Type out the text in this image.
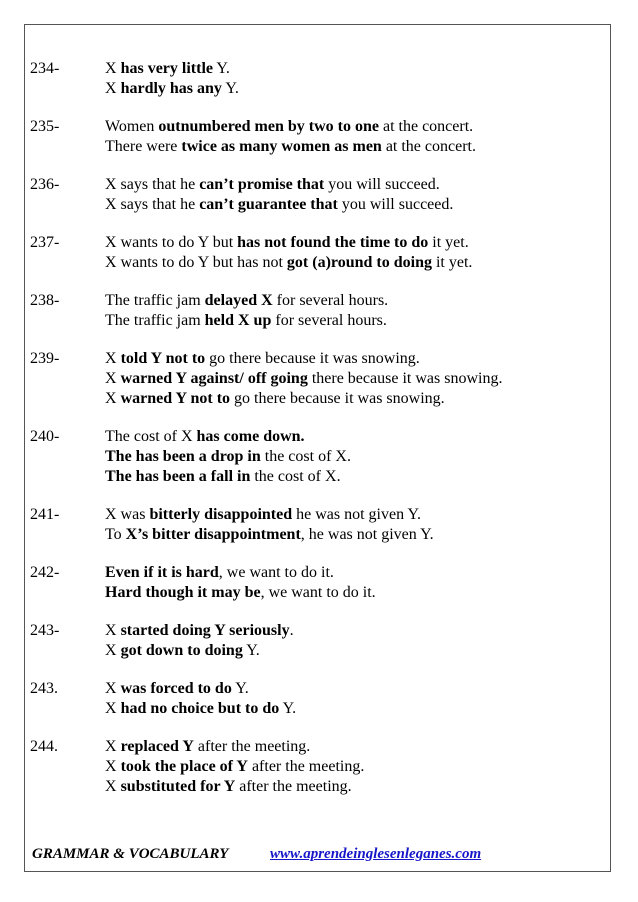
234-	X has very little Y.
X hardly has any Y.
235-	Women outnumbered men by two to one at the concert.
There were twice as many women as men at the concert.
236-	X says that he can’t promise that you will succeed.
X says that he can’t guarantee that you will succeed.
237-	X wants to do Y but has not found the time to do it yet.
X wants to do Y but has not got (a)round to doing it yet.
238-	The traffic jam delayed X for several hours.
The traffic jam held X up for several hours.
239-	X told Y not to go there because it was snowing.
X warned Y against/ off going there because it was snowing.
X warned Y not to go there because it was snowing.
240-	The cost of X has come down.
The has been a drop in the cost of X.
The has been a fall in the cost of X.
241-	X was bitterly disappointed he was not given Y.
To X’s bitter disappointment, he was not given Y.
242-	Even if it is hard, we want to do it.
Hard though it may be, we want to do it.
243-	X started doing Y seriously.
X got down to doing Y.
243.	X was forced to do Y.
X had no choice but to do Y.
244.	X replaced Y after the meeting.
X took the place of Y after the meeting.
X substituted for Y after the meeting.
GRAMMAR & VOCABULARY	www.aprendeinglesenleganes.com
